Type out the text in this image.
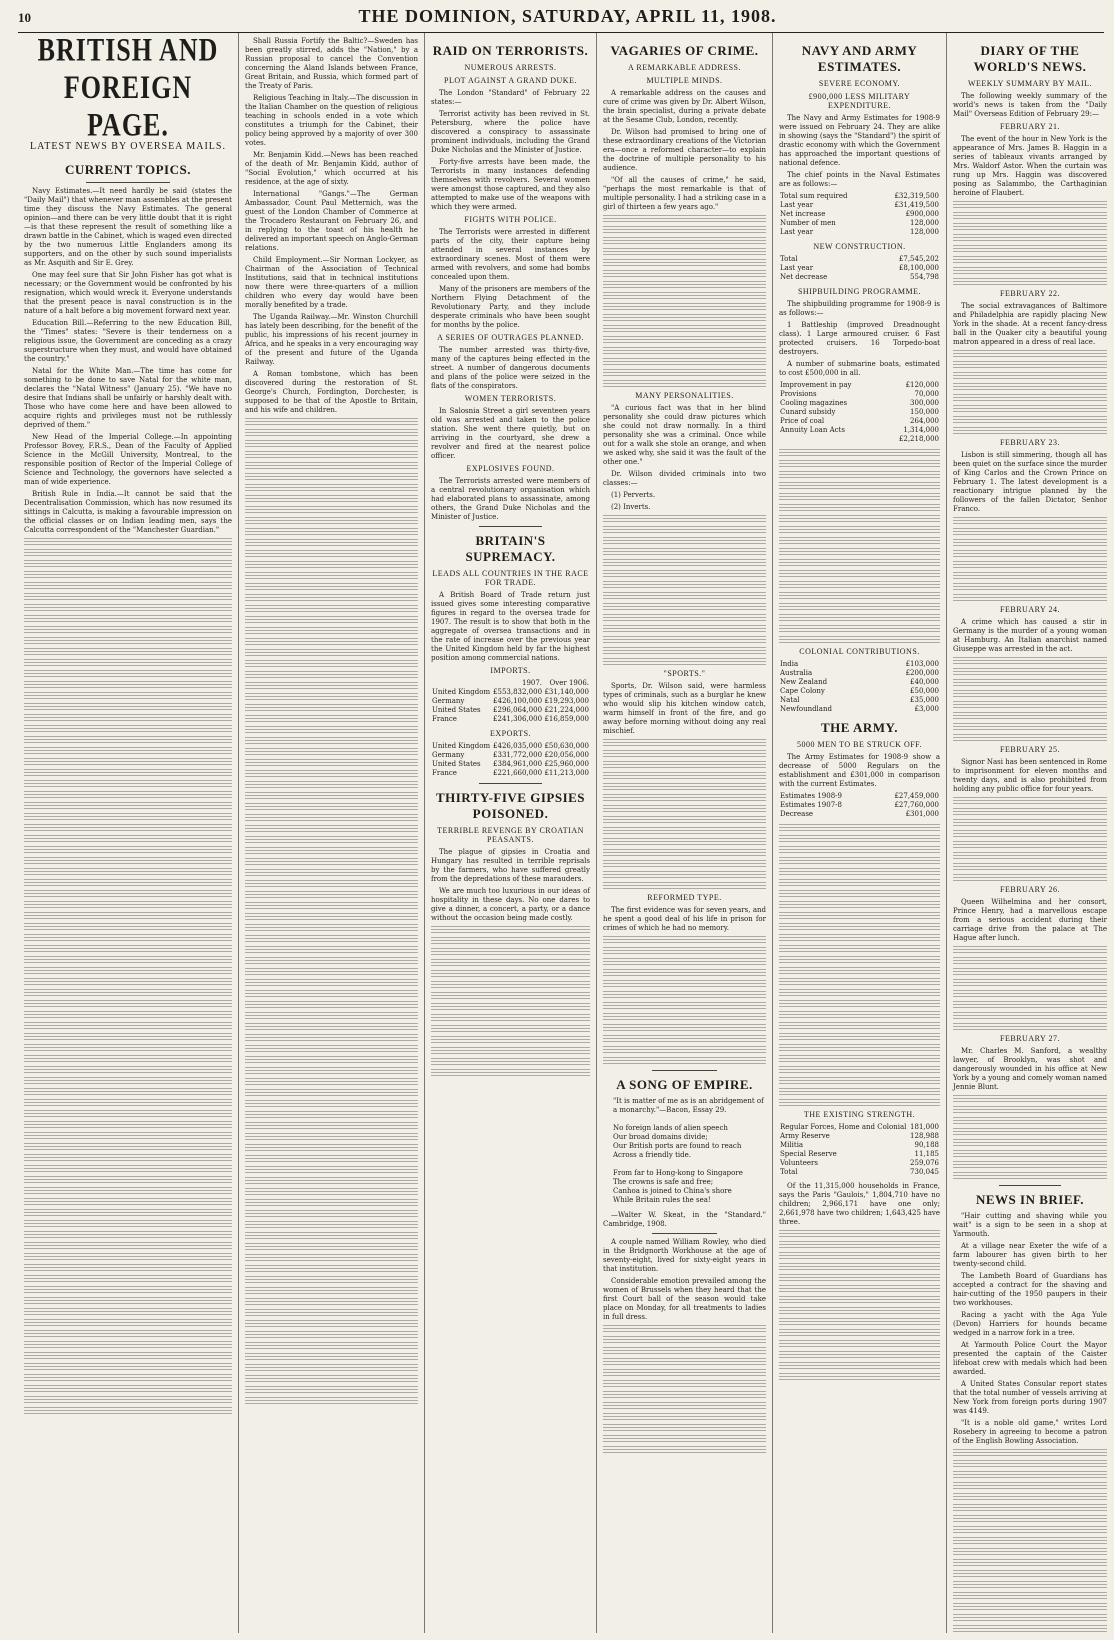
10	THE DOMINION, SATURDAY, APRIL 11, 1908.
BRITISH AND FOREIGN PAGE.
LATEST NEWS BY OVERSEA MAILS.
CURRENT TOPICS.
Navy Estimates.—It need hardly be said (states the "Daily Mail") that whenever man assembles at the present time they discuss the Navy Estimates. The general opinion—and there can be very little doubt that it is right—is that these represent the result of something like a drawn battle in the Cabinet, which is waged even directed by the two numerous Little Englanders among its supporters, and on the other by such sound imperialists as Mr. Asquith and Sir E. Grey.
One may feel sure that Sir John Fisher has got what is necessary; or the Government would be confronted by his resignation, which would wreck it. Everyone understands that the present peace is naval construction is in the nature of a halt before a big movement forward next year.
Education Bill.—Referring to the new Education Bill, the "Times" states: "Severe is their tenderness on a religious issue, the Government are conceding as a crazy superstructure when they must, and would have obtained the country."
Natal for the White Man.—The time has come for something to be done to save Natal for the white man, declares the "Natal Witness" (January 25). "We have no desire that Indians shall be unfairly or harshly dealt with. Those who have come here and have been allowed to acquire rights and privileges must not be ruthlessly deprived of them."
New Head of the Imperial College.—In appointing Professor Bovey, F.R.S., Dean of the Faculty of Applied Science in the McGill University, Montreal, to the responsible position of Rector of the Imperial College of Science and Technology, the governors have selected a man of wide experience.
British Rule in India.—It cannot be said that the Decentralisation Commission, which has now resumed its sittings in Calcutta, is making a favourable impression on the official classes or on Indian leading men, says the Calcutta correspondent of the "Manchester Guardian."
Shall Russia Fortify the Baltic?—Sweden has been greatly stirred, adds the "Nation," by a Russian proposal to cancel the Convention concerning the Aland Islands between France, Great Britain, and Russia, which formed part of the Treaty of Paris.
Religious Teaching in Italy.—The discussion in the Italian Chamber on the question of religious teaching in schools ended in a vote which constitutes a triumph for the Cabinet, their policy being approved by a majority of over 300 votes.
Mr. Benjamin Kidd.—News has been reached of the death of Mr. Benjamin Kidd, author of "Social Evolution," which occurred at his residence, at the age of sixty.
International "Gangs."—The German Ambassador, Count Paul Metternich, was the guest of the London Chamber of Commerce at the Trocadero Restaurant on February 26, and in replying to the toast of his health he delivered an important speech on Anglo-German relations.
Child Employment.—Sir Norman Lockyer, as Chairman of the Association of Technical Institutions, said that in technical institutions now there were three-quarters of a million children who every day would have been morally benefited by a trade.
The Uganda Railway.—Mr. Winston Churchill has lately been describing, for the benefit of the public, his impressions of his recent journey in Africa, and he speaks in a very encouraging way of the present and future of the Uganda Railway.
A Roman tombstone, which has been discovered during the restoration of St. George's Church, Fordington, Dorchester, is supposed to be that of the Apostle to Britain, and his wife and children.
RAID ON TERRORISTS.
NUMEROUS ARRESTS.
PLOT AGAINST A GRAND DUKE.
The London "Standard" of February 22 states:—
Terrorist activity has been revived in St. Petersburg, where the police have discovered a conspiracy to assassinate prominent individuals, including the Grand Duke Nicholas and the Minister of Justice.
Forty-five arrests have been made, the Terrorists in many instances defending themselves with revolvers. Several women were amongst those captured, and they also attempted to make use of the weapons with which they were armed.
FIGHTS WITH POLICE.
The Terrorists were arrested in different parts of the city, their capture being attended in several instances by extraordinary scenes. Most of them were armed with revolvers, and some had bombs concealed upon them.
Many of the prisoners are members of the Northern Flying Detachment of the Revolutionary Party, and they include desperate criminals who have been sought for months by the police.
A SERIES OF OUTRAGES PLANNED.
The number arrested was thirty-five, many of the captures being effected in the street. A number of dangerous documents and plans of the police were seized in the flats of the conspirators.
WOMEN TERRORISTS.
In Salosnia Street a girl seventeen years old was arrested and taken to the police station. She went there quietly, but on arriving in the courtyard, she drew a revolver and fired at the nearest police officer.
EXPLOSIVES FOUND.
The Terrorists arrested were members of a central revolutionary organisation which had elaborated plans to assassinate, among others, the Grand Duke Nicholas and the Minister of Justice.
BRITAIN'S SUPREMACY.
LEADS ALL COUNTRIES IN THE RACE FOR TRADE.
A British Board of Trade return just issued gives some interesting comparative figures in regard to the oversea trade for 1907. The result is to show that both in the aggregate of oversea transactions and in the rate of increase over the previous year the United Kingdom held by far the highest position among commercial nations.
IMPORTS.
	1907.	Over 1906.
United Kingdom	£553,832,000	£31,140,000
Germany	£426,100,000	£19,293,000
United States	£296,064,000	£21,224,000
France	£241,306,000	£16,859,000
EXPORTS.
United Kingdom	£426,035,000	£50,630,000
Germany	£331,772,000	£20,056,000
United States	£384,961,000	£25,960,000
France	£221,660,000	£11,213,000
THIRTY-FIVE GIPSIES POISONED.
TERRIBLE REVENGE BY CROATIAN PEASANTS.
The plague of gipsies in Croatia and Hungary has resulted in terrible reprisals by the farmers, who have suffered greatly from the depredations of these marauders.
We are much too luxurious in our ideas of hospitality in these days. No one dares to give a dinner, a concert, a party, or a dance without the occasion being made costly.
VAGARIES OF CRIME.
A REMARKABLE ADDRESS.
MULTIPLE MINDS.
A remarkable address on the causes and cure of crime was given by Dr. Albert Wilson, the brain specialist, during a private debate at the Sesame Club, London, recently.
Dr. Wilson had promised to bring one of these extraordinary creations of the Victorian era—once a reformed character—to explain the doctrine of multiple personality to his audience.
"Of all the causes of crime," he said, "perhaps the most remarkable is that of multiple personality. I had a striking case in a girl of thirteen a few years ago."
MANY PERSONALITIES.
"A curious fact was that in her blind personality she could draw pictures which she could not draw normally. In a third personality she was a criminal. Once while out for a walk she stole an orange, and when we asked why, she said it was the fault of the other one."
Dr. Wilson divided criminals into two classes:—
(1) Perverts.
(2) Inverts.
"SPORTS."
Sports, Dr. Wilson said, were harmless types of criminals, such as a burglar he knew who would slip his kitchen window catch, warm himself in front of the fire, and go away before morning without doing any real mischief.
REFORMED TYPE.
The first evidence was for seven years, and he spent a good deal of his life in prison for crimes of which he had no memory.
A SONG OF EMPIRE.
"It is matter of me as is an abridgement of a monarchy."—Bacon, Essay 29.

No foreign lands of alien speech
Our broad domains divide;
Our British ports are found to reach
Across a friendly tide.

From far to Hong-kong to Singapore
The crowns is safe and free;
Canhoa is joined to China's shore
While Britain rules the sea!
—Walter W. Skeat, in the "Standard." Cambridge, 1908.
A couple named William Rowley, who died in the Bridgnorth Workhouse at the age of seventy-eight, lived for sixty-eight years in that institution.
Considerable emotion prevailed among the women of Brussels when they heard that the first Court ball of the season would take place on Monday, for all treatments to ladies in full dress.
NAVY AND ARMY ESTIMATES.
SEVERE ECONOMY.
£900,000 LESS MILITARY EXPENDITURE.
The Navy and Army Estimates for 1908-9 were issued on February 24. They are alike in showing (says the "Standard") the spirit of drastic economy with which the Government has approached the important questions of national defence.
The chief points in the Naval Estimates are as follows:—
Total sum required	£32,319,500
Last year	£31,419,500
Net increase	£900,000
Number of men	128,000
Last year	128,000
NEW CONSTRUCTION.
Total	£7,545,202
Last year	£8,100,000
Net decrease	554,798
SHIPBUILDING PROGRAMME.
The shipbuilding programme for 1908-9 is as follows:—
1 Battleship (improved Dreadnought class). 1 Large armoured cruiser. 6 Fast protected cruisers. 16 Torpedo-boat destroyers.
A number of submarine boats, estimated to cost £500,000 in all.
Improvement in pay	£120,000
Provisions	70,000
Cooling magazines	300,000
Cunard subsidy	150,000
Price of coal	264,000
Annuity Loan Acts	1,314,000
	£2,218,000
COLONIAL CONTRIBUTIONS.
India	£103,000
Australia	£200,000
New Zealand	£40,000
Cape Colony	£50,000
Natal	£35,000
Newfoundland	£3,000
THE ARMY.
5000 MEN TO BE STRUCK OFF.
The Army Estimates for 1908-9 show a decrease of 5000 Regulars on the establishment and £301,000 in comparison with the current Estimates.
Estimates 1908-9	£27,459,000
Estimates 1907-8	£27,760,000
Decrease	£301,000
THE EXISTING STRENGTH.
Regular Forces, Home and Colonial	181,000
Army Reserve	128,988
Militia	90,188
Special Reserve	11,185
Volunteers	259,076
Total	730,045
Of the 11,315,000 households in France, says the Paris "Gaulois," 1,804,710 have no children; 2,966,171 have one only; 2,661,978 have two children; 1,643,425 have three.
DIARY OF THE WORLD'S NEWS.
WEEKLY SUMMARY BY MAIL.
The following weekly summary of the world's news is taken from the "Daily Mail" Overseas Edition of February 29:—
FEBRUARY 21.
The event of the hour in New York is the appearance of Mrs. James B. Haggin in a series of tableaux vivants arranged by Mrs. Waldorf Astor. When the curtain was rung up Mrs. Haggin was discovered posing as Salammbo, the Carthaginian heroine of Flaubert.
FEBRUARY 22.
The social extravagances of Baltimore and Philadelphia are rapidly placing New York in the shade. At a recent fancy-dress ball in the Quaker city a beautiful young matron appeared in a dress of real lace.
FEBRUARY 23.
Lisbon is still simmering, though all has been quiet on the surface since the murder of King Carlos and the Crown Prince on February 1. The latest development is a reactionary intrigue planned by the followers of the fallen Dictator, Senhor Franco.
FEBRUARY 24.
A crime which has caused a stir in Germany is the murder of a young woman at Hamburg. An Italian anarchist named Giuseppe was arrested in the act.
FEBRUARY 25.
Signor Nasi has been sentenced in Rome to imprisonment for eleven months and twenty days, and is also prohibited from holding any public office for four years.
FEBRUARY 26.
Queen Wilhelmina and her consort, Prince Henry, had a marvellous escape from a serious accident during their carriage drive from the palace at The Hague after lunch.
FEBRUARY 27.
Mr. Charles M. Sanford, a wealthy lawyer, of Brooklyn, was shot and dangerously wounded in his office at New York by a young and comely woman named Jennie Blunt.
NEWS IN BRIEF.
"Hair cutting and shaving while you wait" is a sign to be seen in a shop at Yarmouth.
At a village near Exeter the wife of a farm labourer has given birth to her twenty-second child.
The Lambeth Board of Guardians has accepted a contract for the shaving and hair-cutting of the 1950 paupers in their two workhouses.
Racing a yacht with the Aga Yule (Devon) Harriers for hounds became wedged in a narrow fork in a tree.
At Yarmouth Police Court the Mayor presented the captain of the Caister lifeboat crew with medals which had been awarded.
A United States Consular report states that the total number of vessels arriving at New York from foreign ports during 1907 was 4149.
"It is a noble old game," writes Lord Rosebery in agreeing to become a patron of the English Bowling Association.
